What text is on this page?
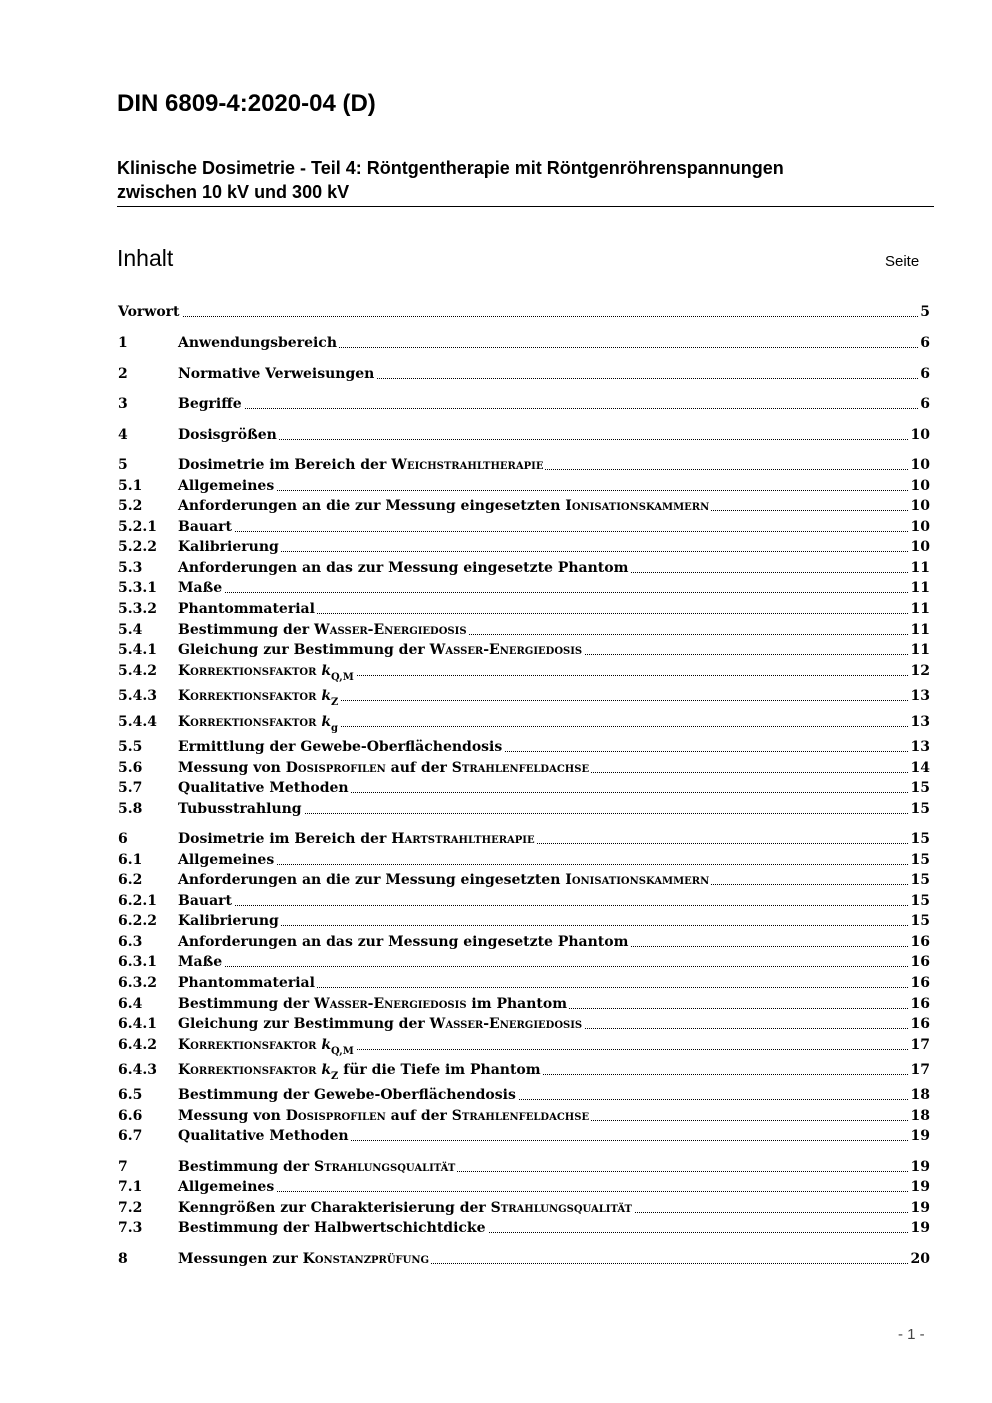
DIN 6809-4:2020-04 (D)
Klinische Dosimetrie - Teil 4: Röntgentherapie mit Röntgenröhrenspannungen
zwischen 10 kV und 300 kV
Inhalt	Seite
Vorwort	5
1	Anwendungsbereich	6
2	Normative Verweisungen	6
3	Begriffe	6
4	Dosisgrößen	10
5	Dosimetrie im Bereich der Weichstrahltherapie	10
5.1	Allgemeines	10
5.2	Anforderungen an die zur Messung eingesetzten Ionisationskammern	10
5.2.1 Bauart	10
5.2.2 Kalibrierung	10
5.3	Anforderungen an das zur Messung eingesetzte Phantom	11
5.3.1 Maße	11
5.3.2 Phantommaterial	11
5.4	Bestimmung der Wasser-Energiedosis	11
5.4.1 Gleichung zur Bestimmung der Wasser-Energiedosis	11
5.4.2 Korrektionsfaktor $k_{Q,M}$	12
5.4.3 Korrektionsfaktor $k_Z$	13
5.4.4 Korrektionsfaktor $k_g$	13
5.5	Ermittlung der Gewebe-Oberflächendosis	13
5.6	Messung von Dosisprofilen auf der Strahlenfeldachse	14
5.7	Qualitative Methoden	15
5.8	Tubusstrahlung	15
6	Dosimetrie im Bereich der Hartstrahltherapie	15
6.1	Allgemeines	15
6.2	Anforderungen an die zur Messung eingesetzten Ionisationskammern	15
6.2.1 Bauart	15
6.2.2 Kalibrierung	15
6.3	Anforderungen an das zur Messung eingesetzte Phantom	16
6.3.1 Maße	16
6.3.2 Phantommaterial	16
6.4	Bestimmung der Wasser-Energiedosis im Phantom	16
6.4.1 Gleichung zur Bestimmung der Wasser-Energiedosis	16
6.4.2 Korrektionsfaktor $k_{Q,M}$	17
6.4.3 Korrektionsfaktor $k_Z$ für die Tiefe im Phantom	17
6.5	Bestimmung der Gewebe-Oberflächendosis	18
6.6	Messung von Dosisprofilen auf der Strahlenfeldachse	18
6.7	Qualitative Methoden	19
7	Bestimmung der Strahlungsqualität	19
7.1	Allgemeines	19
7.2	Kenngrößen zur Charakterisierung der Strahlungsqualität	19
7.3	Bestimmung der Halbwertschichtdicke	19
8	Messungen zur Konstanzprüfung	20
- 1 -
